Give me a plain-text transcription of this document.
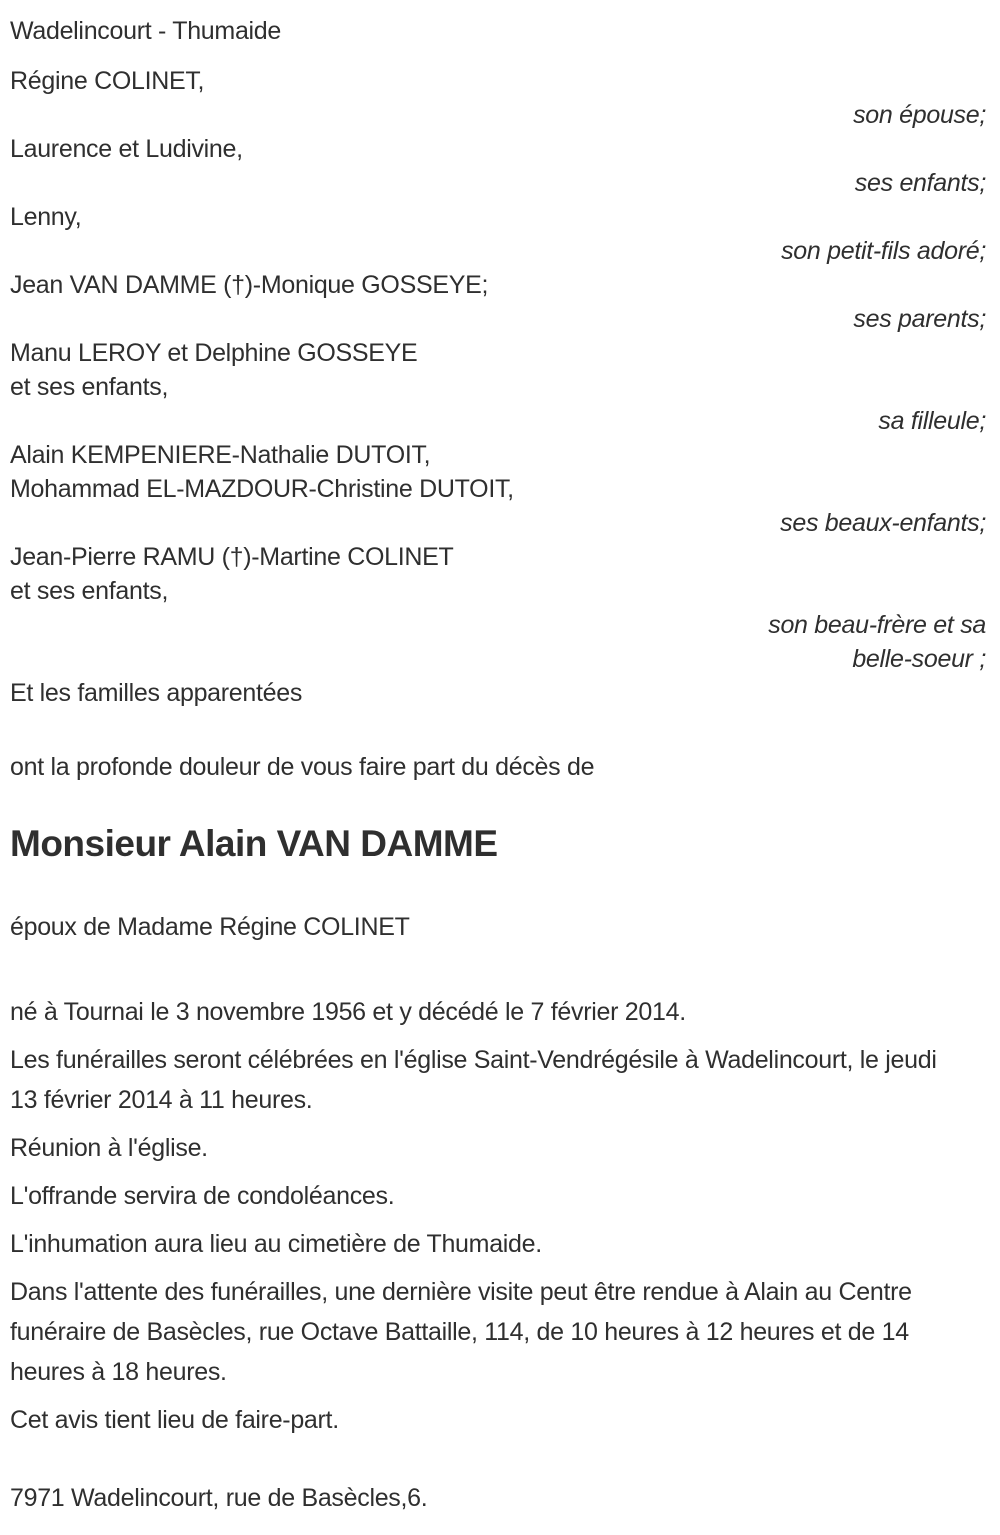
Wadelincourt - Thumaide
Régine COLINET,
son épouse;
Laurence et Ludivine,
ses enfants;
Lenny,
son petit-fils adoré;
Jean VAN DAMME (†)-Monique GOSSEYE;
ses parents;
Manu LEROY et Delphine GOSSEYE
et ses enfants,
sa filleule;
Alain KEMPENIERE-Nathalie DUTOIT,
Mohammad EL-MAZDOUR-Christine DUTOIT,
ses beaux-enfants;
Jean-Pierre RAMU (†)-Martine COLINET
et ses enfants,
son beau-frère et sa
belle-soeur ;
Et les familles apparentées
ont la profonde douleur de vous faire part du décès de
Monsieur Alain VAN DAMME
époux de Madame Régine COLINET

né à Tournai le 3 novembre 1956 et y décédé le 7 février 2014.

Les funérailles seront célébrées en l'église Saint-Vendrégésile à Wadelincourt, le jeudi 13 février 2014 à 11 heures.

Réunion à l'église.

L'offrande servira de condoléances.

L'inhumation aura lieu au cimetière de Thumaide.

Dans l'attente des funérailles, une dernière visite peut être rendue à Alain au Centre funéraire de Basècles, rue Octave Battaille, 114, de 10 heures à 12 heures et de 14 heures à 18 heures.

Cet avis tient lieu de faire-part.

7971 Wadelincourt, rue de Basècles,6.
